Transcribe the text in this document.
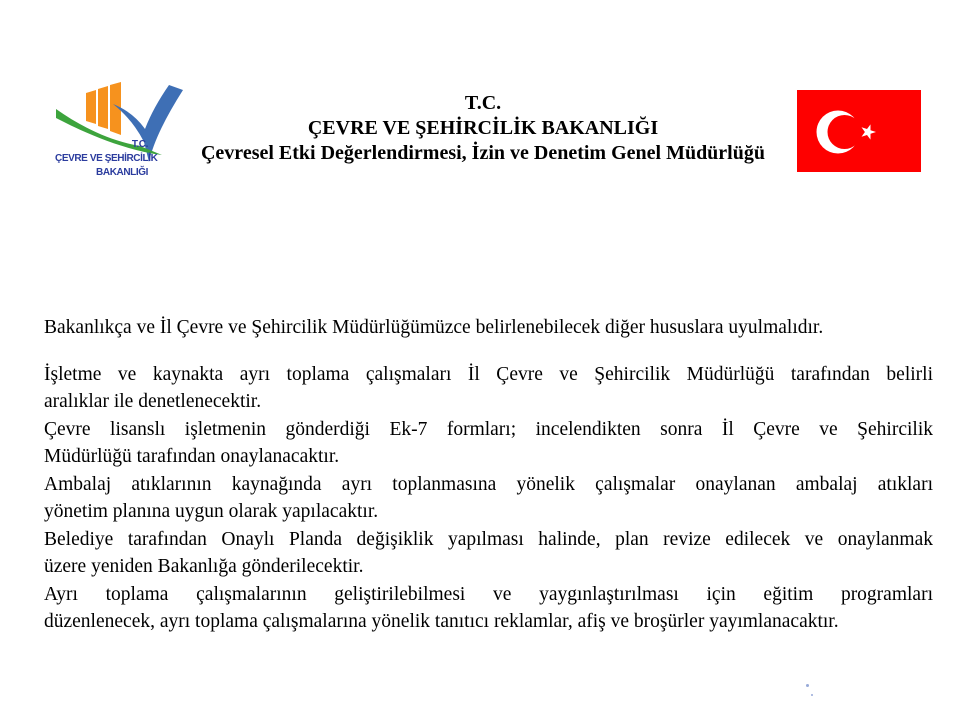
T.C.
ÇEVRE VE ŞEHİRCİLİK
BAKANLIĞI
T.C.
ÇEVRE VE ŞEHİRCİLİK BAKANLIĞI
Çevresel Etki Değerlendirmesi, İzin ve Denetim Genel Müdürlüğü
Bakanlıkça ve İl Çevre ve Şehircilik Müdürlüğümüzce belirlenebilecek diğer hususlara uyulmalıdır.
İşletme ve kaynakta ayrı toplama çalışmaları İl Çevre ve Şehircilik Müdürlüğü tarafından belirli
aralıklar ile denetlenecektir.
Çevre lisanslı işletmenin gönderdiği Ek-7 formları; incelendikten sonra İl Çevre ve Şehircilik
Müdürlüğü tarafından onaylanacaktır.
Ambalaj atıklarının kaynağında ayrı toplanmasına yönelik çalışmalar onaylanan ambalaj atıkları
yönetim planına uygun olarak yapılacaktır.
Belediye tarafından Onaylı Planda değişiklik yapılması halinde, plan revize edilecek ve onaylanmak
üzere yeniden Bakanlığa gönderilecektir.
Ayrı toplama çalışmalarının geliştirilebilmesi ve yaygınlaştırılması için eğitim programları
düzenlenecek, ayrı toplama çalışmalarına yönelik tanıtıcı reklamlar, afiş ve broşürler yayımlanacaktır.
